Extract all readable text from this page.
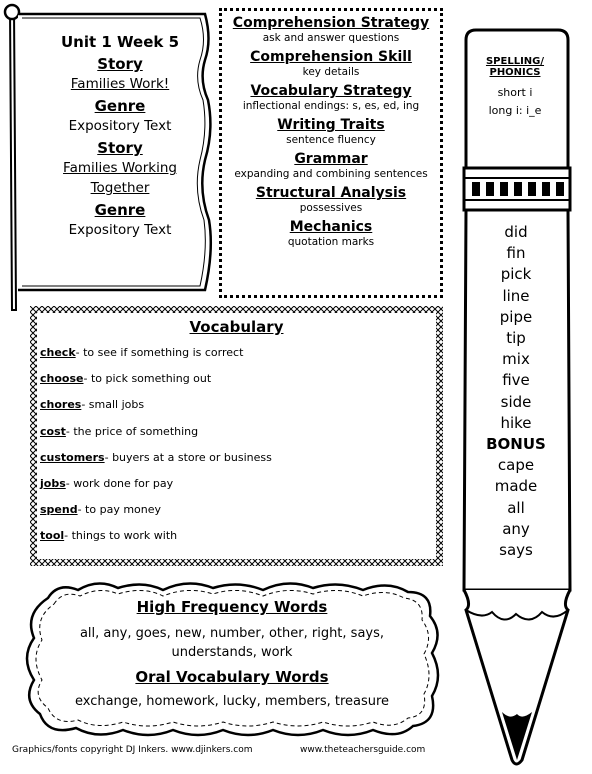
Unit 1 Week 5
Story
Families Work!
Genre
Expository Text
Story
Families Working
Together
Genre
Expository Text
Comprehension Strategy
ask and answer questions
Comprehension Skill
key details
Vocabulary Strategy
inflectional endings: s, es, ed, ing
Writing Traits
sentence fluency
Grammar
expanding and combining sentences
Structural Analysis
possessives
Mechanics
quotation marks
Vocabulary
check- to see if something is correct
choose- to pick something out
chores- small jobs
cost- the price of something
customers- buyers at a store or business
jobs- work done for pay
spend- to pay money
tool- things to work with
High Frequency Words
all, any, goes, new, number, other, right, says,
understands, work
Oral Vocabulary Words
exchange, homework, lucky, members, treasure
SPELLING/
PHONICS
short i
long i: i_e
did
fin
pick
line
pipe
tip
mix
five
side
hike
BONUS
cape
made
all
any
says
Graphics/fonts copyright DJ Inkers. www.djinkers.com	www.theteachersguide.com
